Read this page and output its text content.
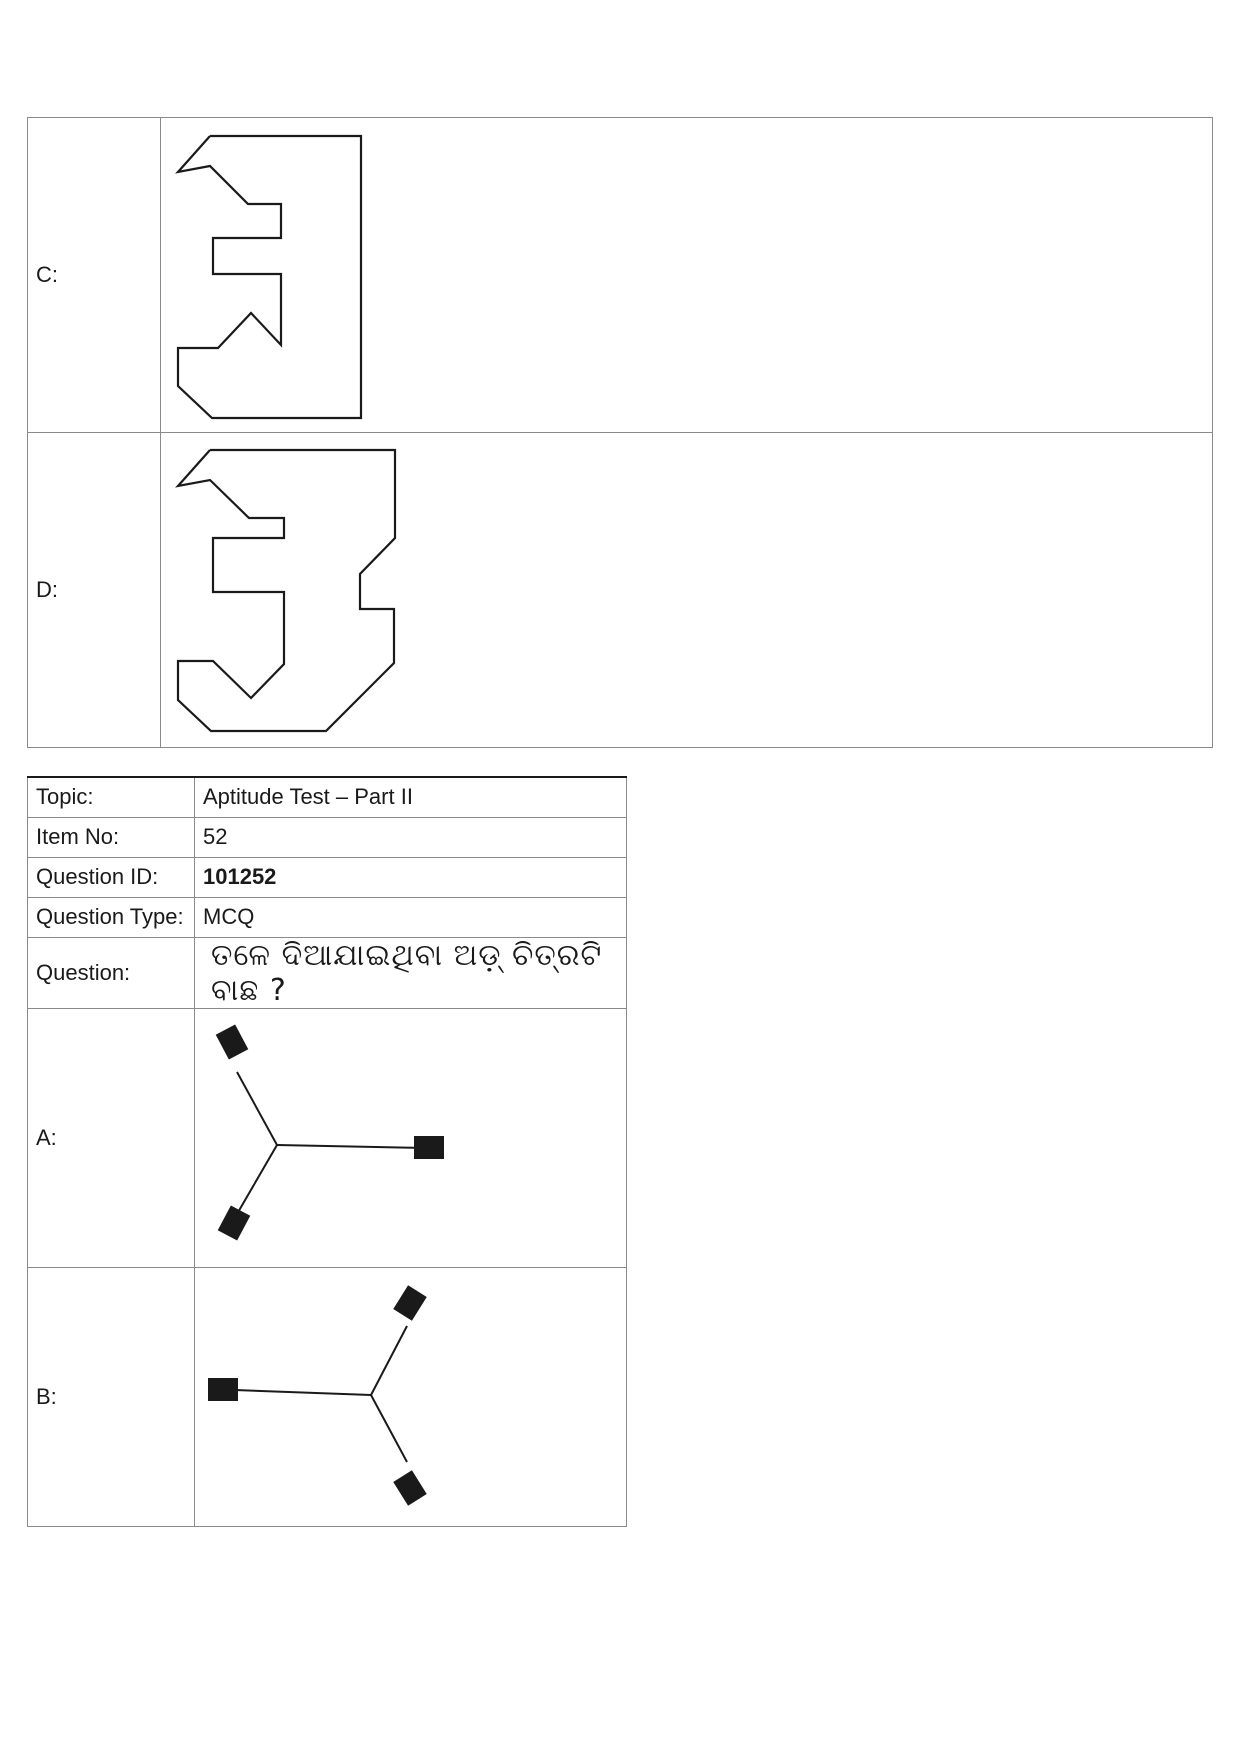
C:	

D:	
Topic:	Aptitude Test – Part II
Item No:	52
Question ID:	101252
Question Type:	MCQ
Question:	ତଳେ ଦିଆଯାଇଥିବା ଅଡ଼୍ ଚିତ୍ରଟି ବାଛ ?
A:	

B:	
